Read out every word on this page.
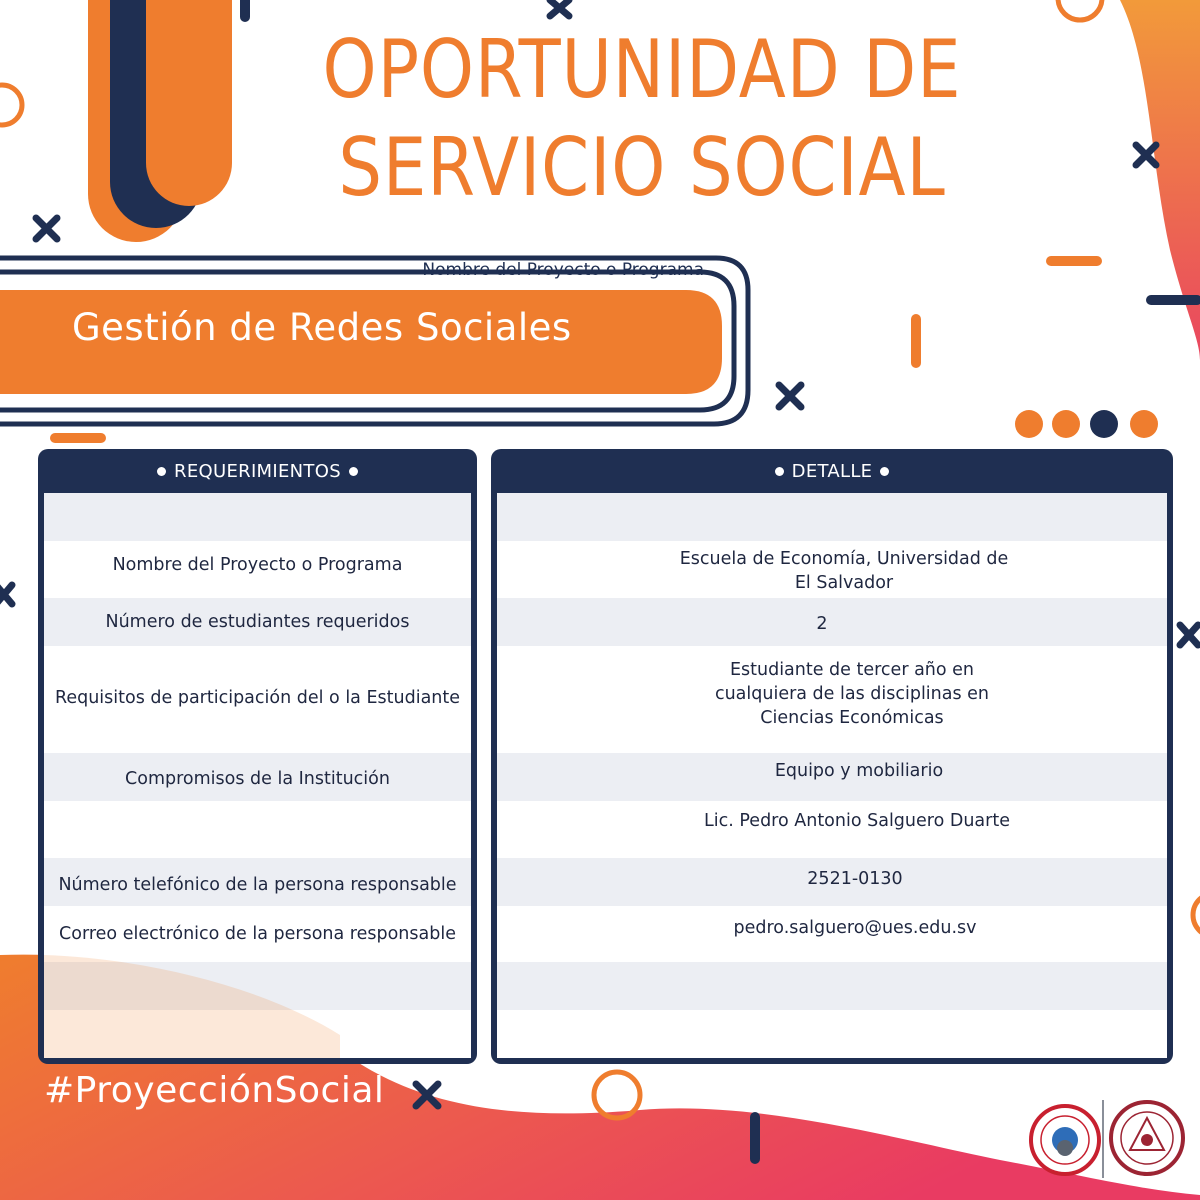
OPORTUNIDAD DE
SERVICIO SOCIAL
Nombre del Proyecto o Programa
Gestión de Redes Sociales
REQUERIMIENTOS	DETALLE
Nombre del Proyecto o Programa
Número de estudiantes requeridos
Requisitos de participación del o la Estudiante
Compromisos de la Institución
Número telefónico de la persona responsable
Correo electrónico de la persona responsable
Escuela de Economía, Universidad de El Salvador
2
Estudiante de tercer año en cualquiera de las disciplinas en Ciencias Económicas
Equipo y mobiliario
Lic. Pedro Antonio Salguero Duarte
2521-0130
pedro.salguero@ues.edu.sv
#ProyecciónSocial
